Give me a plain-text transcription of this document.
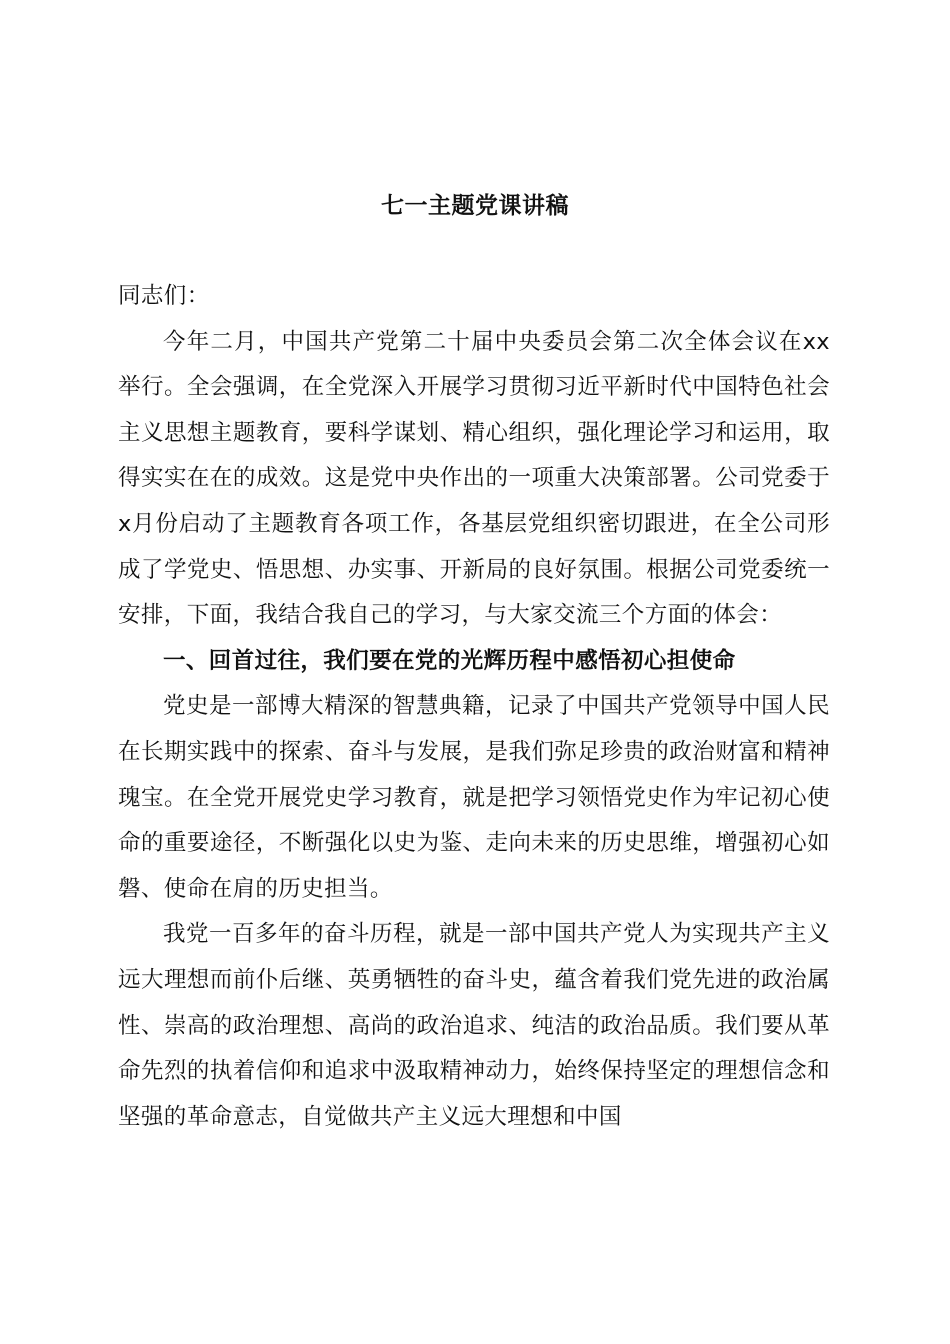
七一主题党课讲稿

同志们：

今年二月，中国共产党第二十届中央委员会第二次全体会议在xx举行。全会强调，在全党深入开展学习贯彻习近平新时代中国特色社会主义思想主题教育，要科学谋划、精心组织，强化理论学习和运用，取得实实在在的成效。这是党中央作出的一项重大决策部署。公司党委于x月份启动了主题教育各项工作，各基层党组织密切跟进，在全公司形成了学党史、悟思想、办实事、开新局的良好氛围。根据公司党委统一安排，下面，我结合我自己的学习，与大家交流三个方面的体会：

一、回首过往，我们要在党的光辉历程中感悟初心担使命

党史是一部博大精深的智慧典籍，记录了中国共产党领导中国人民在长期实践中的探索、奋斗与发展，是我们弥足珍贵的政治财富和精神瑰宝。在全党开展党史学习教育，就是把学习领悟党史作为牢记初心使命的重要途径，不断强化以史为鉴、走向未来的历史思维，增强初心如磐、使命在肩的历史担当。

我党一百多年的奋斗历程，就是一部中国共产党人为实现共产主义远大理想而前仆后继、英勇牺牲的奋斗史，蕴含着我们党先进的政治属性、崇高的政治理想、高尚的政治追求、纯洁的政治品质。我们要从革命先烈的执着信仰和追求中汲取精神动力，始终保持坚定的理想信念和坚强的革命意志，自觉做共产主义远大理想和中国
